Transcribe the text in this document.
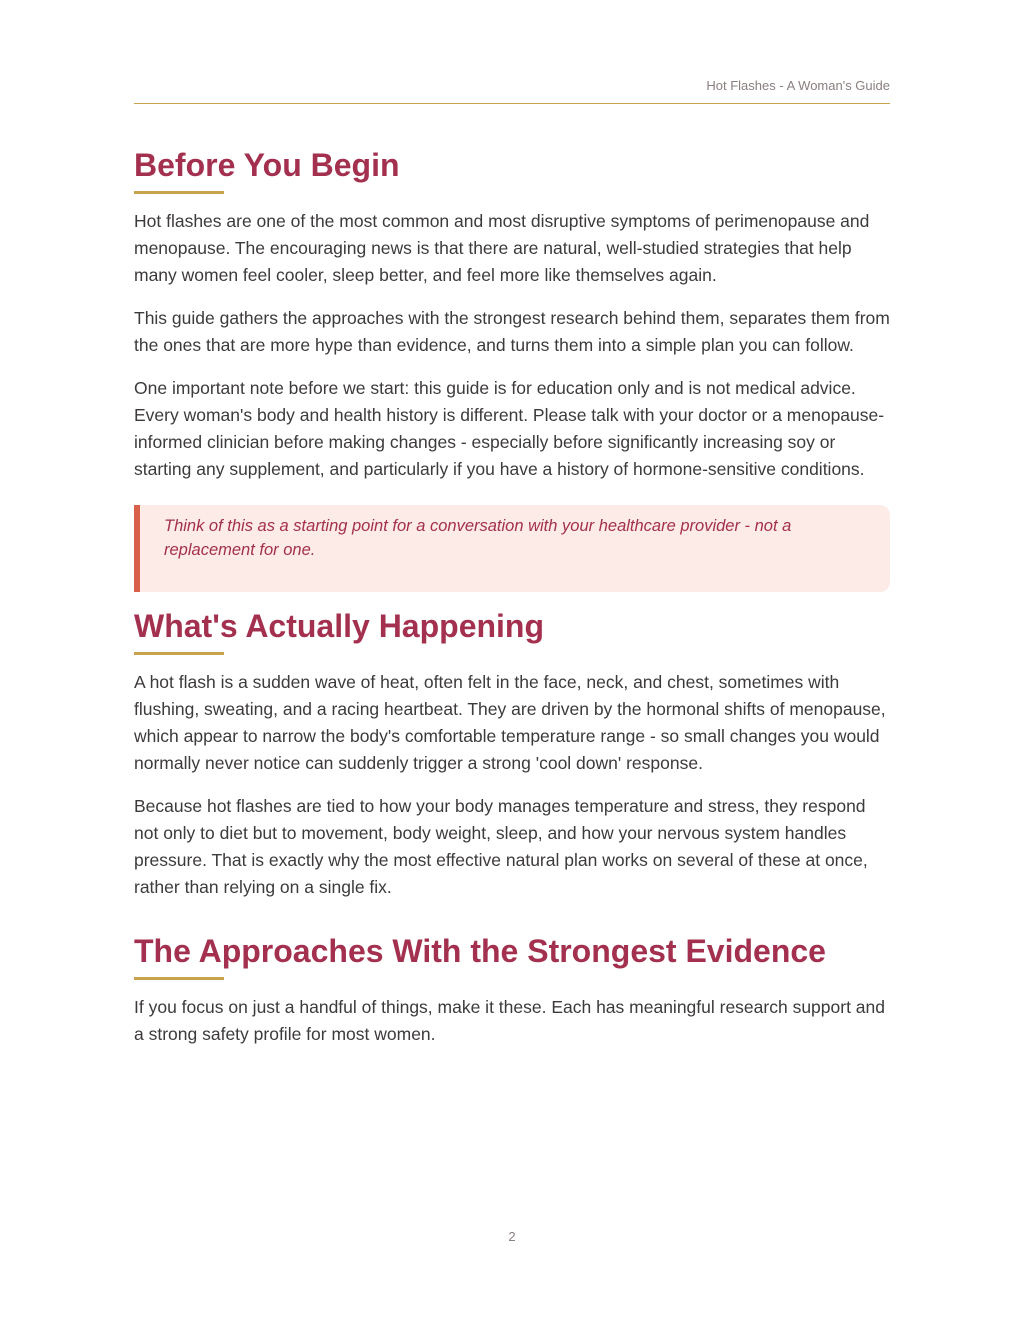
Hot Flashes - A Woman's Guide
Before You Begin

Hot flashes are one of the most common and most disruptive symptoms of perimenopause and menopause. The encouraging news is that there are natural, well-studied strategies that help many women feel cooler, sleep better, and feel more like themselves again.

This guide gathers the approaches with the strongest research behind them, separates them from the ones that are more hype than evidence, and turns them into a simple plan you can follow.

One important note before we start: this guide is for education only and is not medical advice. Every woman's body and health history is different. Please talk with your doctor or a menopause-informed clinician before making changes - especially before significantly increasing soy or starting any supplement, and particularly if you have a history of hormone-sensitive conditions.

Think of this as a starting point for a conversation with your healthcare provider - not a replacement for one.

What's Actually Happening

A hot flash is a sudden wave of heat, often felt in the face, neck, and chest, sometimes with flushing, sweating, and a racing heartbeat. They are driven by the hormonal shifts of menopause, which appear to narrow the body's comfortable temperature range - so small changes you would normally never notice can suddenly trigger a strong 'cool down' response.

Because hot flashes are tied to how your body manages temperature and stress, they respond not only to diet but to movement, body weight, sleep, and how your nervous system handles pressure. That is exactly why the most effective natural plan works on several of these at once, rather than relying on a single fix.

The Approaches With the Strongest Evidence

If you focus on just a handful of things, make it these. Each has meaningful research support and a strong safety profile for most women.

2
